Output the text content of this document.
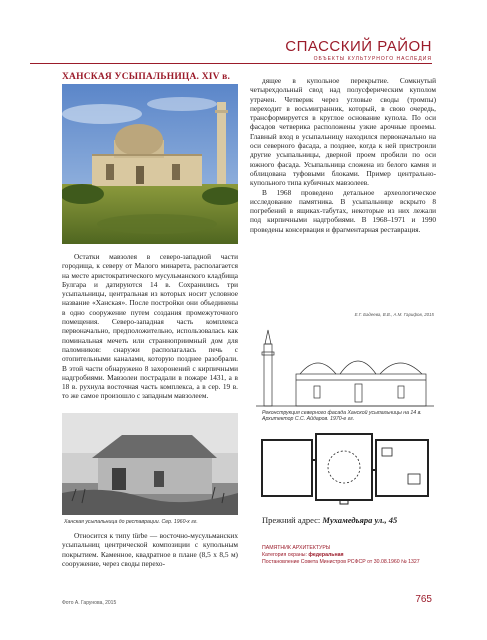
СПАССКИЙ РАЙОН
ОБЪЕКТЫ КУЛЬТУРНОГО НАСЛЕДИЯ
ХАНСКАЯ УСЫПАЛЬНИЦА. XIV в.

Остатки мавзолея в северо-западной части городища, к северу от Малого минарета, располагается на месте аристократического мусульманского кладбища Булгара и датируются 14 в. Сохранились три усыпальницы, центральная из которых носит условное название «Ханская». После постройки они объединены в одно сооружение путем создания промежуточного помещения. Северо-западная часть комплекса первоначально, предположительно, использовалась как поминальная мечеть или странноприимный дом для паломников: снаружи располагалась печь с отопительными каналами, которую позднее разобрали. В этой части обнаружено 8 захоронений с кирпичными надгробиями. Мавзолеи пострадали в пожаре 1431, а в 18 в. рухнула восточная часть комплекса, а в сер. 19 в. то же самое произошло с западным мавзолеем.

дящее в купольное перекрытие. Сомкнутый четырехдольный свод над полусферическим куполом утрачен. Четверик через угловые своды (тромпы) переходит в восьмигранник, который, в свою очередь, трансформируется в круглое основание купола. По оси фасадов четверика расположены узкие арочные проемы. Главный вход в усыпальницу находился первоначально на оси северного фасада, а позднее, когда к ней пристроили другие усыпальницы, дверной проем пробили по оси южного фасада. Усыпальница сложена из белого камня и облицована туфовыми блоками. Пример центрально-купольного типа кубичных мавзолеев.

В 1968 проведено детальное археологическое исследование памятника. В усыпальнице вскрыто 8 погребений в ящиках-табутах, некоторые из них лежали под кирпичными надгробиями. В 1968–1971 и 1990 проведены консервация и фрагментарная реставрация.

Е.Г. Бадеева, В.В., А.М. Гарифов, 2015
Реконструкция северного фасада Ханской усыпальницы на 14 в. Архитектор С.С. Айдаров. 1970-е гг.
Ханская усыпальница до реставрации. Сер. 1960-х гг.

Относится к типу türbe — восточно-мусульманских усыпальниц центрической композиции с купольным покрытием. Каменное, квадратное в плане (8,5 х 8,5 м) сооружение, через своды перехо-

Прежний адрес: Мухамедьяра ул., 45
ПАМЯТНИК АРХИТЕКТУРЫ
Категория охраны: федеральная
Постановление Совета Министров РСФСР от 30.08.1960 № 1327
Фото А. Гарунова, 2015	765
